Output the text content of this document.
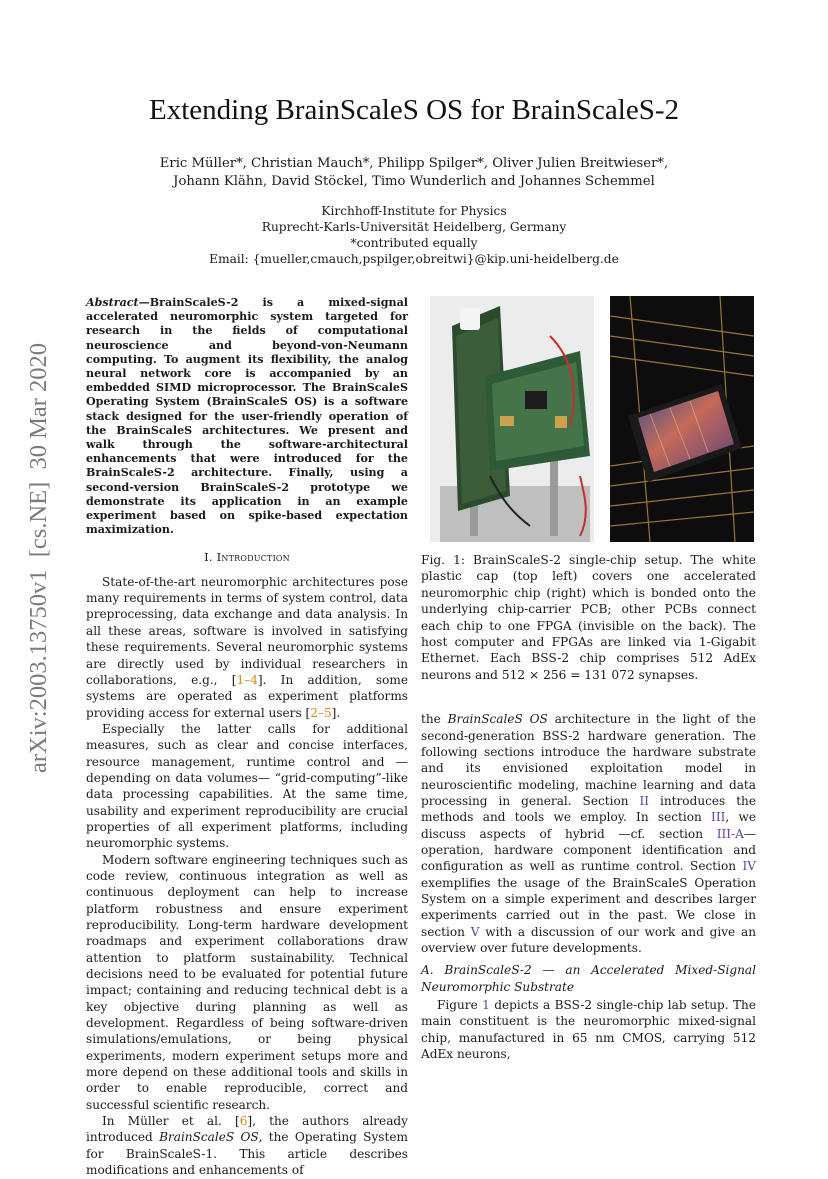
arXiv:2003.13750v1  [cs.NE]  30 Mar 2020
Extending BrainScaleS OS for BrainScaleS-2
Eric Müller*, Christian Mauch*, Philipp Spilger*, Oliver Julien Breitwieser*,
Johann Klähn, David Stöckel, Timo Wunderlich and Johannes Schemmel
Kirchhoff-Institute for Physics
Ruprecht-Karls-Universität Heidelberg, Germany
*contributed equally
Email: {mueller,cmauch,pspilger,obreitwi}@kip.uni-heidelberg.de
Abstract—BrainScaleS-2 is a mixed-signal accelerated neuromorphic system targeted for research in the fields of computational neuroscience and beyond-von-Neumann computing. To augment its flexibility, the analog neural network core is accompanied by an embedded SIMD microprocessor. The BrainScaleS Operating System (BrainScaleS OS) is a software stack designed for the user-friendly operation of the BrainScaleS architectures. We present and walk through the software-architectural enhancements that were introduced for the BrainScaleS-2 architecture. Finally, using a second-version BrainScaleS-2 prototype we demonstrate its application in an example experiment based on spike-based expectation maximization.
I. Introduction

State-of-the-art neuromorphic architectures pose many requirements in terms of system control, data preprocessing, data exchange and data analysis. In all these areas, software is involved in satisfying these requirements. Several neuromorphic systems are directly used by individual researchers in collaborations, e.g., [1–4]. In addition, some systems are operated as experiment platforms providing access for external users [2–5].

Especially the latter calls for additional measures, such as clear and concise interfaces, resource management, runtime control and —depending on data volumes— “grid-computing”-like data processing capabilities. At the same time, usability and experiment reproducibility are crucial properties of all experiment platforms, including neuromorphic systems.

Modern software engineering techniques such as code review, continuous integration as well as continuous deployment can help to increase platform robustness and ensure experiment reproducibility. Long-term hardware development roadmaps and experiment collaborations draw attention to platform sustainability. Technical decisions need to be evaluated for potential future impact; containing and reducing technical debt is a key objective during planning as well as development. Regardless of being software-driven simulations/emulations, or being physical experiments, modern experiment setups more and more depend on these additional tools and skills in order to enable reproducible, correct and successful scientific research.

In Müller et al. [6], the authors already introduced BrainScaleS OS, the Operating System for BrainScaleS-1. This article describes modifications and enhancements of

Fig. 1: BrainScaleS-2 single-chip setup. The white plastic cap (top left) covers one accelerated neuromorphic chip (right) which is bonded onto the underlying chip-carrier PCB; other PCBs connect each chip to one FPGA (invisible on the back). The host computer and FPGAs are linked via 1-Gigabit Ethernet. Each BSS-2 chip comprises 512 AdEx neurons and 512 × 256 = 131 072 synapses.

the BrainScaleS OS architecture in the light of the second-generation BSS-2 hardware generation. The following sections introduce the hardware substrate and its envisioned exploitation model in neuroscientific modeling, machine learning and data processing in general. Section II introduces the methods and tools we employ. In section III, we discuss aspects of hybrid —cf. section III-A— operation, hardware component identification and configuration as well as runtime control. Section IV exemplifies the usage of the BrainScaleS Operation System on a simple experiment and describes larger experiments carried out in the past. We close in section V with a discussion of our work and give an overview over future developments.

A. BrainScaleS-2 — an Accelerated Mixed-Signal Neuromorphic Substrate

Figure 1 depicts a BSS-2 single-chip lab setup. The main constituent is the neuromorphic mixed-signal chip, manufactured in 65 nm CMOS, carrying 512 AdEx neurons,
